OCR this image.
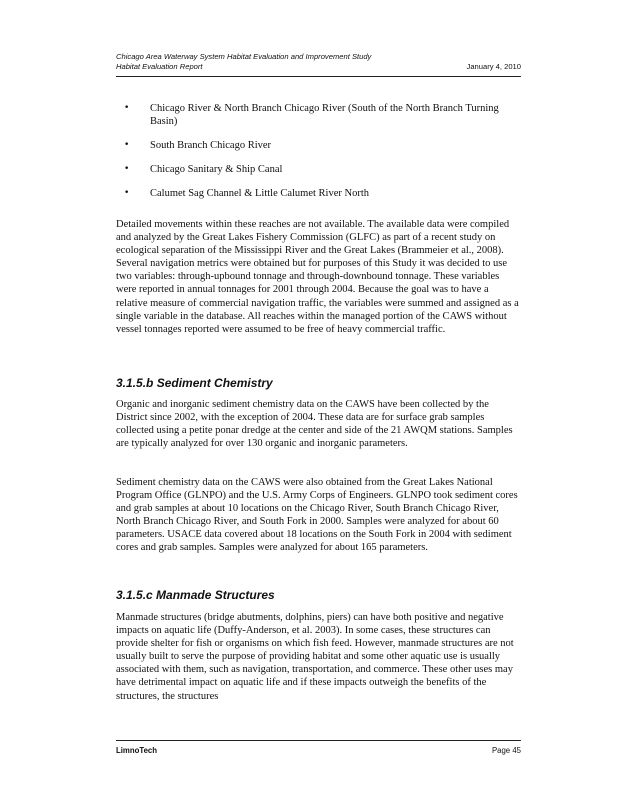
Chicago Area Waterway System Habitat Evaluation and Improvement Study
Habitat Evaluation Report	January 4, 2010
• Chicago River & North Branch Chicago River (South of the North Branch Turning Basin)
• South Branch Chicago River
• Chicago Sanitary & Ship Canal
• Calumet Sag Channel & Little Calumet River North

Detailed movements within these reaches are not available. The available data were compiled and analyzed by the Great Lakes Fishery Commission (GLFC) as part of a recent study on ecological separation of the Mississippi River and the Great Lakes (Brammeier et al., 2008). Several navigation metrics were obtained but for purposes of this Study it was decided to use two variables: through-upbound tonnage and through-downbound tonnage. These variables were reported in annual tonnages for 2001 through 2004. Because the goal was to have a relative measure of commercial navigation traffic, the variables were summed and assigned as a single variable in the database. All reaches within the managed portion of the CAWS without vessel tonnages reported were assumed to be free of heavy commercial traffic.

3.1.5.b Sediment Chemistry

Organic and inorganic sediment chemistry data on the CAWS have been collected by the District since 2002, with the exception of 2004. These data are for surface grab samples collected using a petite ponar dredge at the center and side of the 21 AWQM stations. Samples are typically analyzed for over 130 organic and inorganic parameters.

Sediment chemistry data on the CAWS were also obtained from the Great Lakes National Program Office (GLNPO) and the U.S. Army Corps of Engineers. GLNPO took sediment cores and grab samples at about 10 locations on the Chicago River, South Branch Chicago River, North Branch Chicago River, and South Fork in 2000. Samples were analyzed for about 60 parameters. USACE data covered about 18 locations on the South Fork in 2004 with sediment cores and grab samples. Samples were analyzed for about 165 parameters.

3.1.5.c Manmade Structures

Manmade structures (bridge abutments, dolphins, piers) can have both positive and negative impacts on aquatic life (Duffy-Anderson, et al. 2003). In some cases, these structures can provide shelter for fish or organisms on which fish feed. However, manmade structures are not usually built to serve the purpose of providing habitat and some other aquatic use is usually associated with them, such as navigation, transportation, and commerce. These other uses may have detrimental impact on aquatic life and if these impacts outweigh the benefits of the structures, the structures

LimnoTech	Page 45
